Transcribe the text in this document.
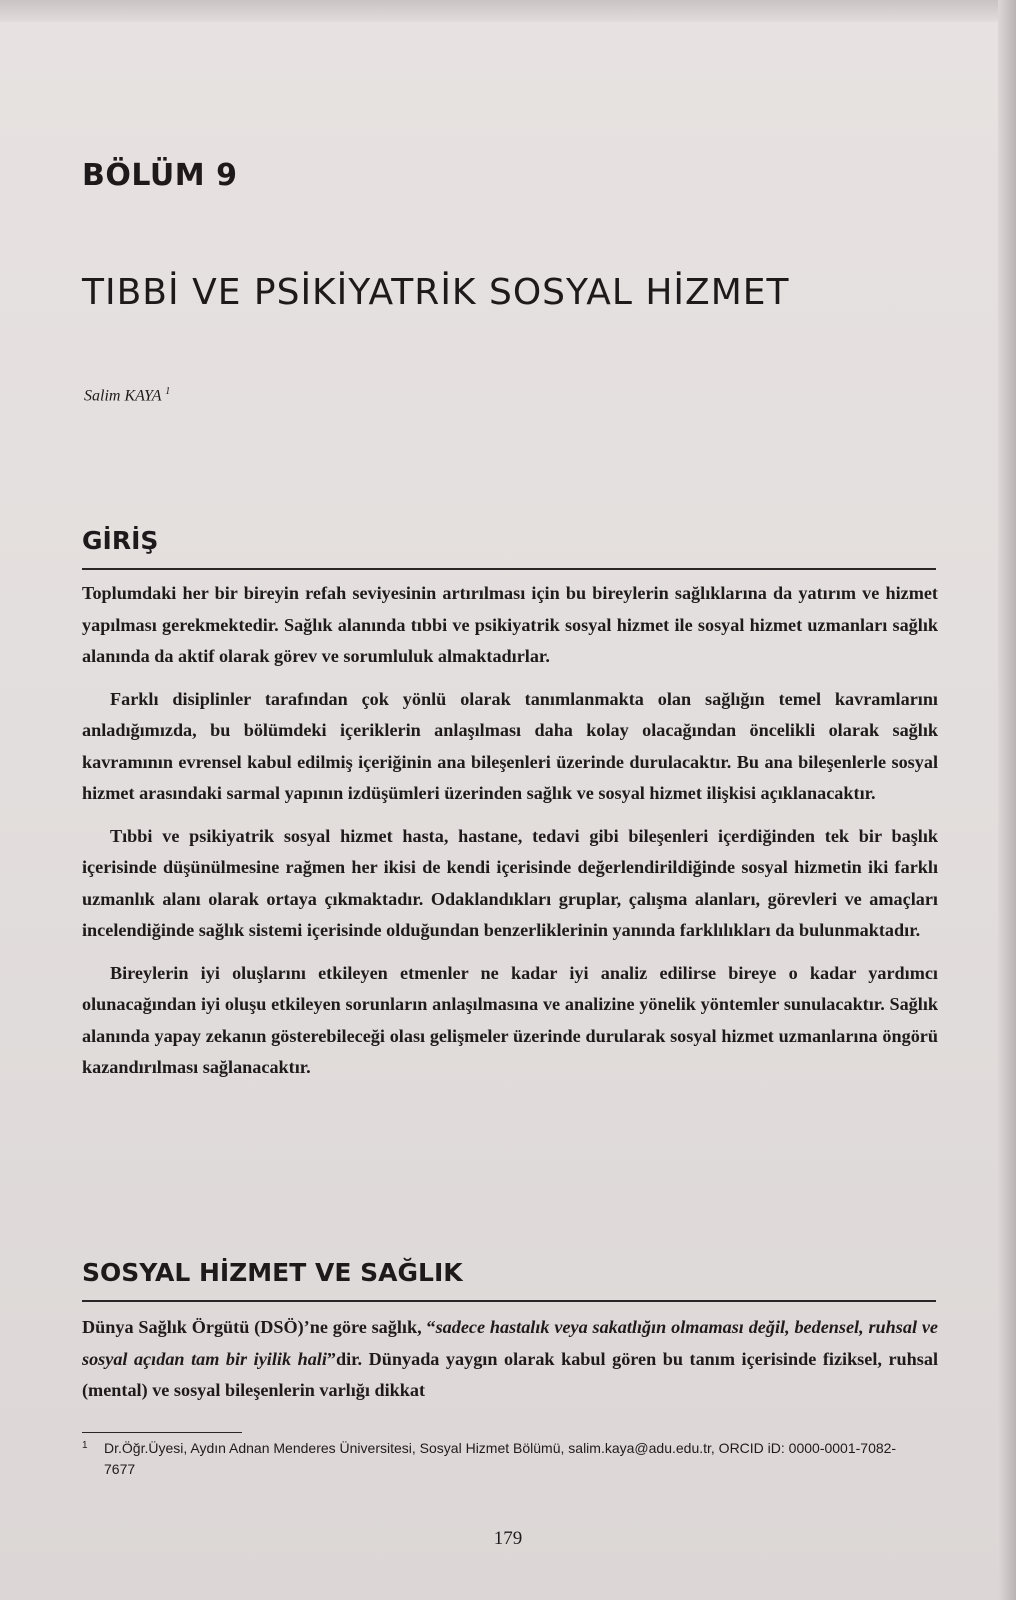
BÖLÜM 9
TIBBİ VE PSİKİYATRİK SOSYAL HİZMET

Salim KAYA $^1$

GİRİŞ

Toplumdaki her bir bireyin refah seviyesinin artırılması için bu bireylerin sağlıklarına da yatırım ve hizmet yapılması gerekmektedir. Sağlık alanında tıbbi ve psikiyatrik sosyal hizmet ile sosyal hizmet uzmanları sağlık alanında da aktif olarak görev ve sorumluluk almaktadırlar.

Farklı disiplinler tarafından çok yönlü olarak tanımlanmakta olan sağlığın temel kavramlarını anladığımızda, bu bölümdeki içeriklerin anlaşılması daha kolay olacağından öncelikli olarak sağlık kavramının evrensel kabul edilmiş içeriğinin ana bileşenleri üzerinde durulacaktır. Bu ana bileşenlerle sosyal hizmet arasındaki sarmal yapının izdüşümleri üzerinden sağlık ve sosyal hizmet ilişkisi açıklanacaktır.

Tıbbi ve psikiyatrik sosyal hizmet hasta, hastane, tedavi gibi bileşenleri içerdiğinden tek bir başlık içerisinde düşünülmesine rağmen her ikisi de kendi içerisinde değerlendirildiğinde sosyal hizmetin iki farklı uzmanlık alanı olarak ortaya çıkmaktadır. Odaklandıkları gruplar, çalışma alanları, görevleri ve amaçları incelendiğinde sağlık sistemi içerisinde olduğundan benzerliklerinin yanında farklılıkları da bulunmaktadır.

Bireylerin iyi oluşlarını etkileyen etmenler ne kadar iyi analiz edilirse bireye o kadar yardımcı olunacağından iyi oluşu etkileyen sorunların anlaşılmasına ve analizine yönelik yöntemler sunulacaktır. Sağlık alanında yapay zekanın gösterebileceği olası gelişmeler üzerinde durularak sosyal hizmet uzmanlarına öngörü kazandırılması sağlanacaktır.

SOSYAL HİZMET VE SAĞLIK

Dünya Sağlık Örgütü (DSÖ)’ne göre sağlık, “sadece hastalık veya sakatlığın olmaması değil, bedensel, ruhsal ve sosyal açıdan tam bir iyilik hali”dir. Dünyada yaygın olarak kabul gören bu tanım içerisinde fiziksel, ruhsal (mental) ve sosyal bileşenlerin varlığı dikkat

1	Dr.Öğr.Üyesi, Aydın Adnan Menderes Üniversitesi, Sosyal Hizmet Bölümü, salim.kaya@adu.edu.tr, ORCID iD: 0000-0001-7082-7677

179
